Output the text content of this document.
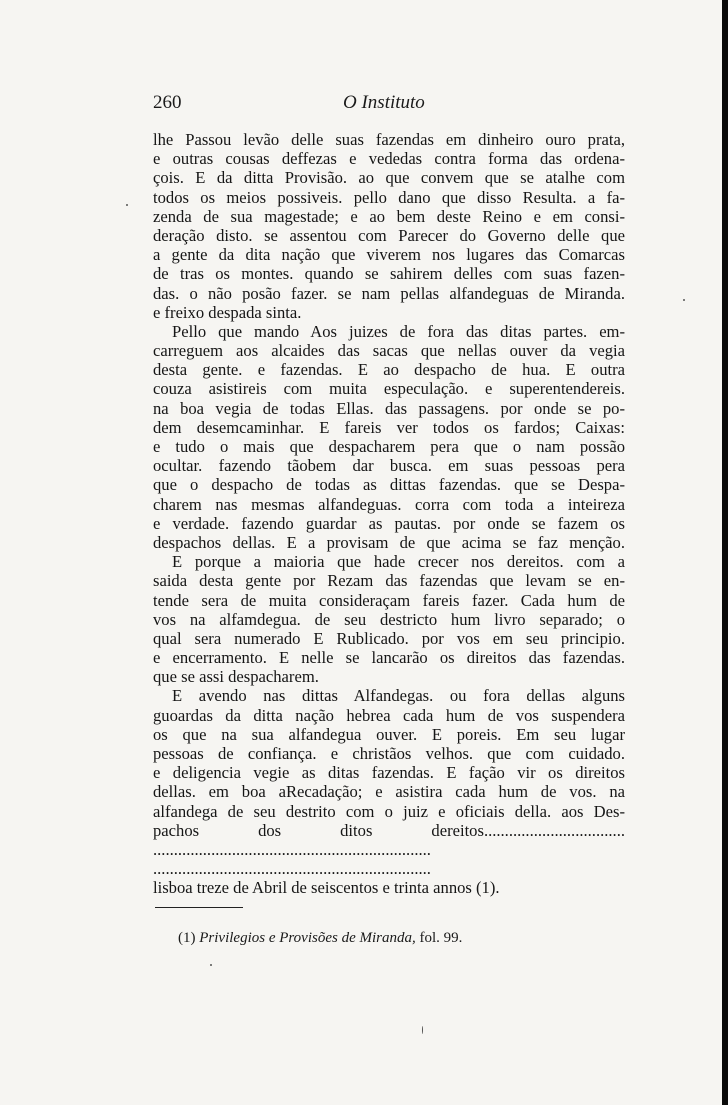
260	O Instituto
lhe Passou levão delle suas fazendas em dinheiro ouro prata,
e outras cousas deffezas e vededas contra forma das ordena-
çois. E da ditta Provisão. ao que convem que se atalhe com
todos os meios possiveis. pello dano que disso Resulta. a fa-
zenda de sua magestade; e ao bem deste Reino e em consi-
deração disto. se assentou com Parecer do Governo delle que
a gente da dita nação que viverem nos lugares das Comarcas
de tras os montes. quando se sahirem delles com suas fazen-
das. o não posão fazer. se nam pellas alfandeguas de Miranda.
e freixo despada sinta.
Pello que mando Aos juizes de fora das ditas partes. em-
carreguem aos alcaides das sacas que nellas ouver da vegia
desta gente. e fazendas. E ao despacho de hua. E outra
couza asistireis com muita especulação. e superentendereis.
na boa vegia de todas Ellas. das passagens. por onde se po-
dem desemcaminhar. E fareis ver todos os fardos; Caixas:
e tudo o mais que despacharem pera que o nam possão
ocultar. fazendo tãobem dar busca. em suas pessoas pera
que o despacho de todas as dittas fazendas. que se Despa-
charem nas mesmas alfandeguas. corra com toda a inteireza
e verdade. fazendo guardar as pautas. por onde se fazem os
despachos dellas. E a provisam de que acima se faz menção.
E porque a maioria que hade crecer nos dereitos. com a
saida desta gente por Rezam das fazendas que levam se en-
tende sera de muita consideraçam fareis fazer. Cada hum de
vos na alfamdegua. de seu destricto hum livro separado; o
qual sera numerado E Rublicado. por vos em seu principio.
e encerramento. E nelle se lancarão os direitos das fazendas.
que se assi despacharem.
E avendo nas dittas Alfandegas. ou fora dellas alguns
guoardas da ditta nação hebrea cada hum de vos suspendera
os que na sua alfandegua ouver. E poreis. Em seu lugar
pessoas de confiança. e christãos velhos. que com cuidado.
e deligencia vegie as ditas fazendas. E fação vir os direitos
dellas. em boa aRecadação; e asistira cada hum de vos. na
alfandega de seu destrito com o juiz e oficiais della. aos Des-
pachos dos ditos dereitos..................................
...................................................................
...................................................................
lisboa treze de Abril de seiscentos e trinta annos (1).
(1) Privilegios e Provisões de Miranda, fol. 99.
